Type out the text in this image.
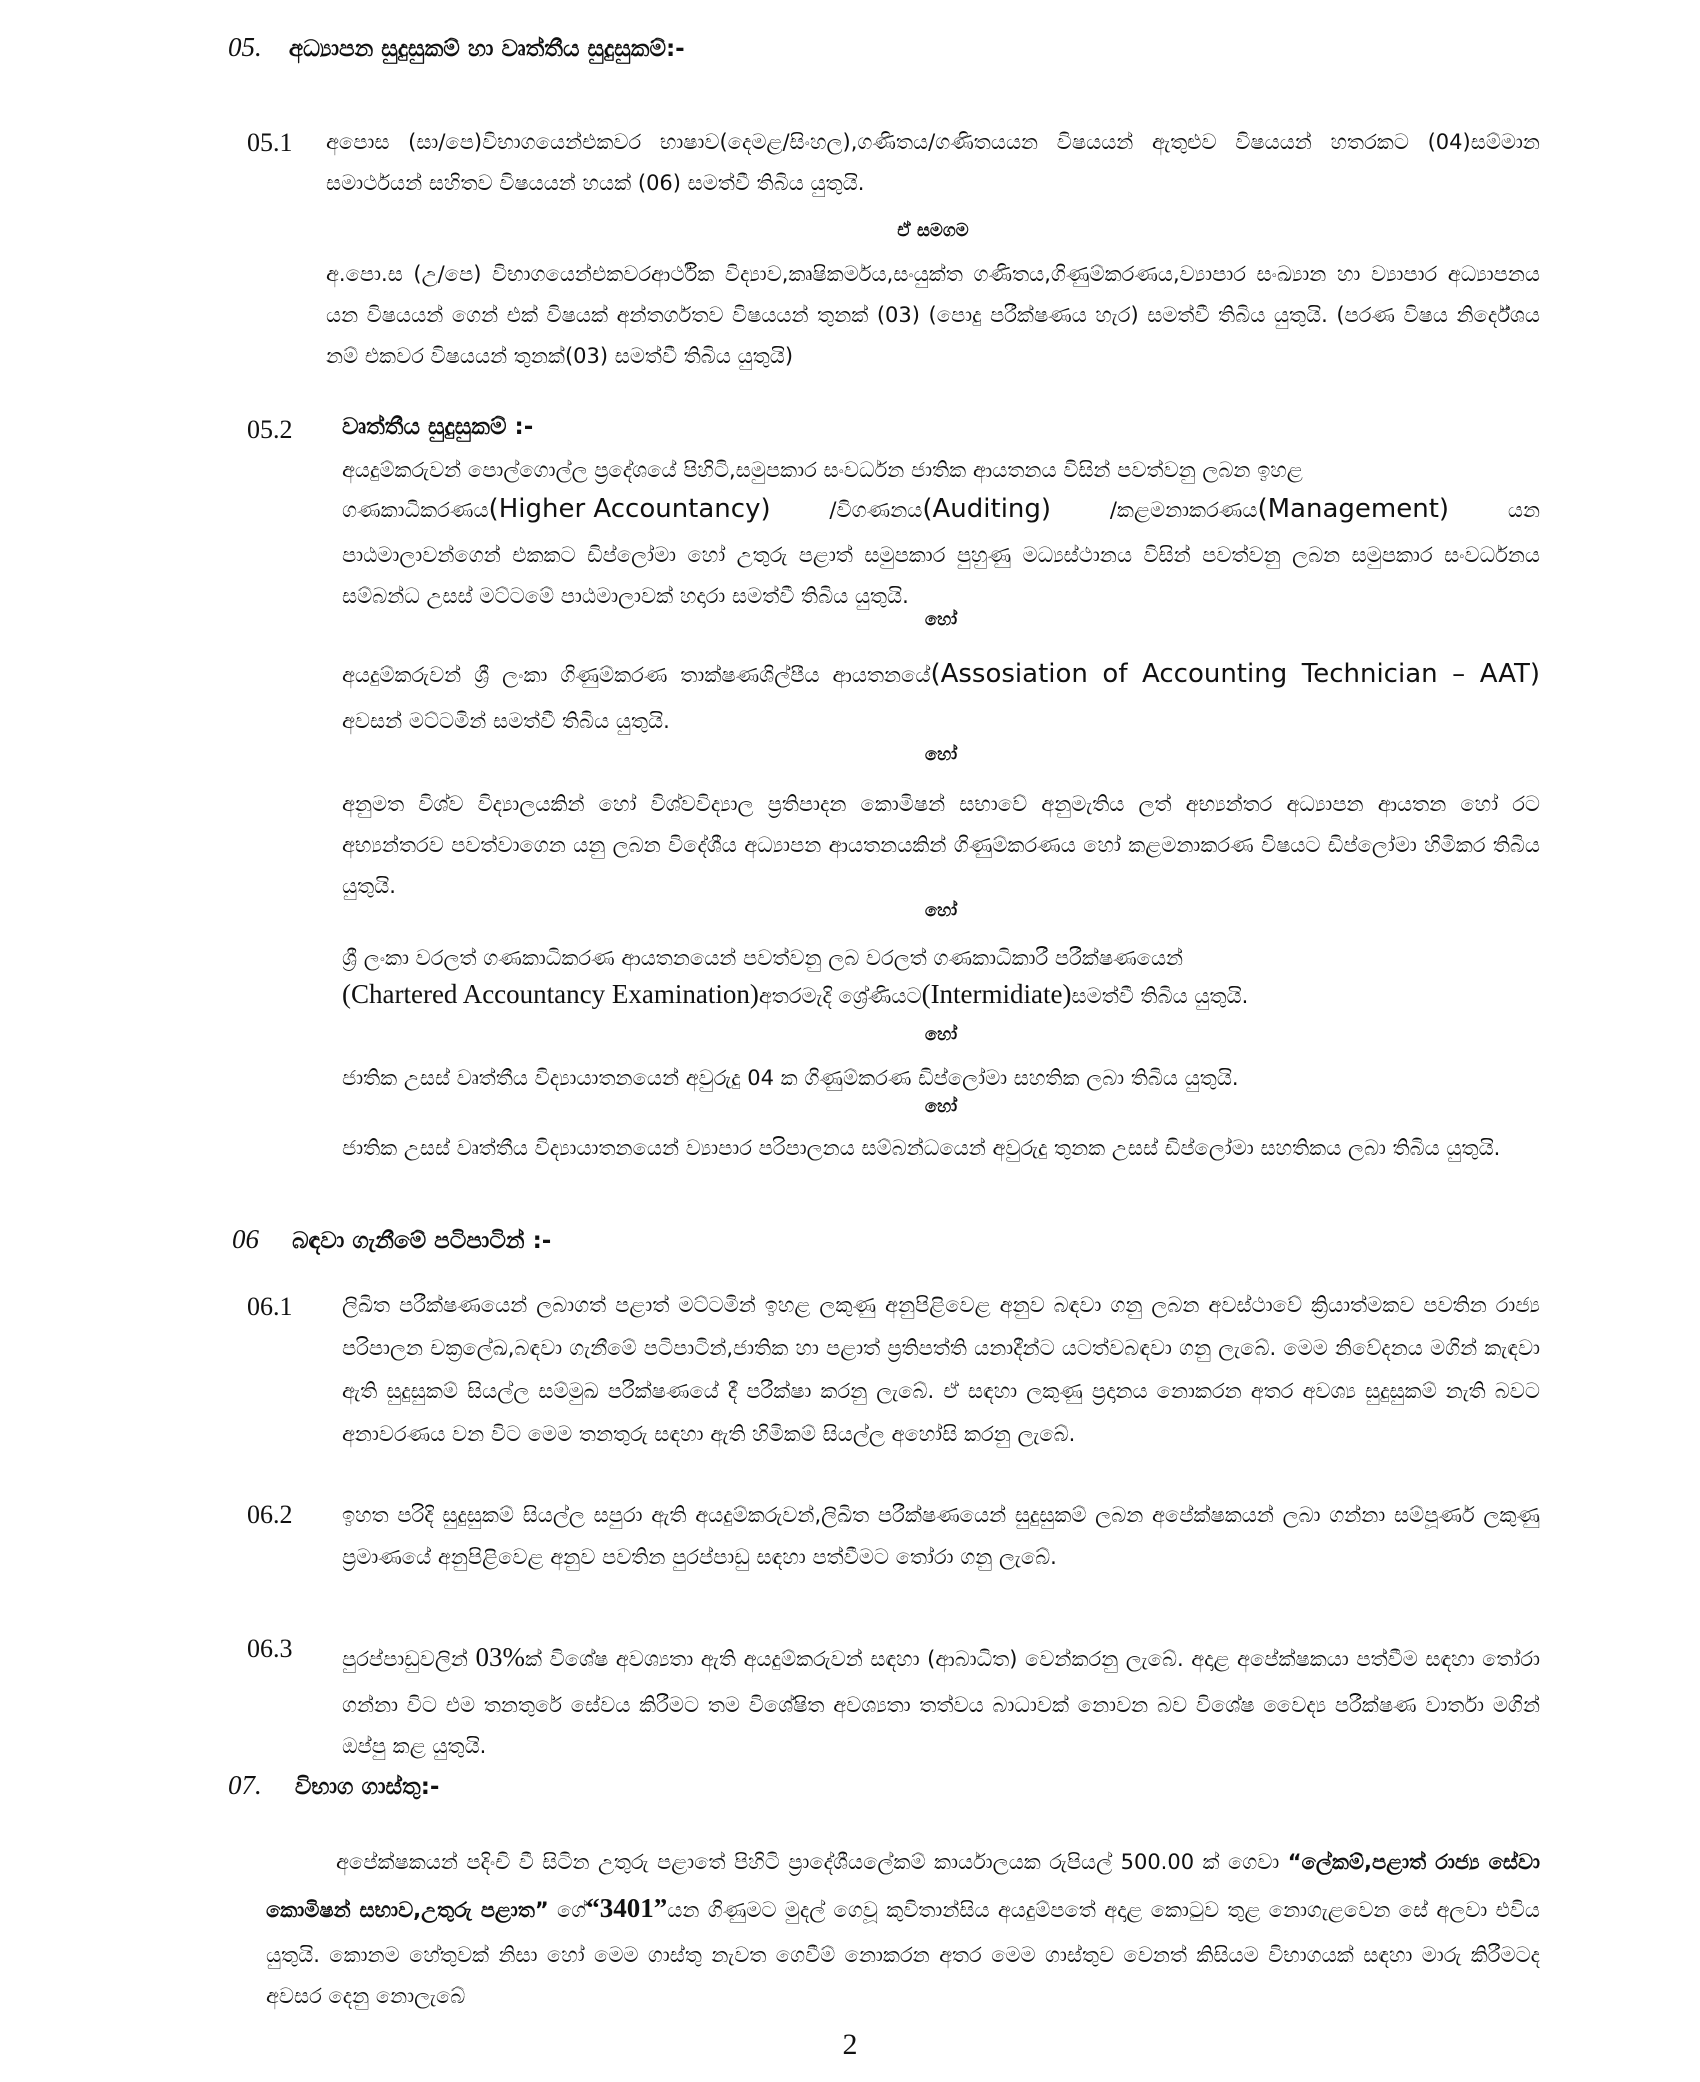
05. අධ්‍යාපන සුදුසුකම් හා වෘත්තීය සුදුසුකම්:-
05.1 අපොස (සා/පෙ)විභාගයෙන්එකවර භාෂාව(දෙමළ/සිංහල),ගණිතය/ගණිතයයන විෂයයන් ඇතුළුව විෂයයන් හතරකට (04)සම්මාන සමාර්ථයන් සහිතව විෂයයන් හයක් (06) සමත්වී තිබිය යුතුයි.

ඒ සමගම

අ.පො.ස (උ/පෙ) විභාගයෙන්එකවරආර්ථික විද්‍යාව,කෘෂිකර්මය,සංයුක්ත ගණිතය,ගිණුම්කරණය,ව්‍යාපාර සංඛ්‍යාන හා ව්‍යාපාර අධ්‍යාපනය යන විෂයයන් ගෙන් එක් විෂයක් අන්තර්ගතව විෂයයන් තුනක් (03) (පොදු පරීක්ෂණය හැර) සමත්වී තිබිය යුතුයි. (පරණ විෂය නිර්දේශය නම් එකවර විෂයයන් තුනක්(03) සමත්වී තිබිය යුතුයි)

05.2 වෘත්තීය සුදුසුකම් :-

අයදුම්කරුවන් පොල්ගොල්ල ප්‍රදේශයේ පිහිටි,සමුපකාර සංවර්ධන ජාතික ආයතනය විසින් පවත්වනු ලබන ඉහළ

ගණකාධිකරණය(Higher Accountancy)	/විගණනය(Auditing)	/කළමනාකරණය(Management)	යන

පාඨමාලාවන්ගෙන් එකකට ඩිප්ලෝමා හෝ උතුරු පළාත් සමුපකාර පුහුණු මධ්‍යස්ථානය විසින් පවත්වනු ලබන සමුපකාර සංවර්ධනය සම්බන්ධ උසස් මට්ටමේ පාඨමාලාවක් හදාරා සමත්වී තිබිය යුතුයි.

හෝ
අයදුම්කරුවන් ශ්‍රී ලංකා ගිණුම්කරණ තාක්ෂණශිල්පීය ආයතනයේ(Assosiation of Accounting Technician – AAT) අවසන් මට්ටමින් සමත්වී තිබිය යුතුයි.
හෝ

අනුමත විශ්ව විද්‍යාලයකින් හෝ විශ්වවිද්‍යාල ප්‍රතිපාදන කොමිෂන් සභාවේ අනුමැතිය ලත් අභ්‍යන්තර අධ්‍යාපන ආයතන හෝ රට අභ්‍යන්තරව පවත්වාගෙන යනු ලබන විදේශීය අධ්‍යාපන ආයතනයකින් ගිණුම්කරණය හෝ කළමනාකරණ විෂයට ඩිප්ලෝමා හිමිකර තිබිය යුතුයි.

හෝ

ශ්‍රී ලංකා වරලත් ගණකාධිකරණ ආයතනයෙන් පවත්වනු ලබ වරලත් ගණකාධිකාරී පරීක්ෂණයෙන්

(Chartered Accountancy Examination)අතරමැදි ශ්‍රේණියට(Intermidiate)සමත්වී තිබිය යුතුයි.
හෝ

ජාතික උසස් වෘත්තීය විද්‍යායාතනයෙන් අවුරුදු 04 ක ගිණුම්කරණ ඩිප්ලෝමා සහතික ලබා තිබිය යුතුයි.

හෝ

ජාතික උසස් වෘත්තීය විද්‍යායාතනයෙන් ව්‍යාපාර පරිපාලනය සම්බන්ධයෙන් අවුරුදු තුනක උසස් ඩිප්ලෝමා සහතිකය ලබා තිබිය යුතුයි.

06 බඳවා ගැනීමේ පටිපාටින් :-
06.1 ලිඛිත පරීක්ෂණයෙන් ලබාගත් පළාත් මට්ටමින් ඉහළ ලකුණු අනුපිළිවෙළ අනුව බඳවා ගනු ලබන අවස්ථාවේ ක්‍රියාත්මකව පවතින රාජ්‍ය පරිපාලන චක්‍රලේඛ,බඳවා ගැනීමේ පටිපාටින්,ජාතික හා පළාත් ප්‍රතිපත්ති යනාදීන්ට යටත්වබඳවා ගනු ලැබේ. මෙම නිවේදනය මගින් කැඳවා ඇති සුදුසුකම් සියල්ල සම්මුඛ පරීක්ෂණයේ දී පරීක්ෂා කරනු ලැබේ. ඒ සඳහා ලකුණු ප්‍රදානය නොකරන අතර අවශ්‍ය සුදුසුකම් නැති බවට අනාවරණය වන විට මෙම තනතුරු සඳහා ඇති හිමිකම් සියල්ල අහෝසි කරනු ලැබේ.

06.2 ඉහත පරිදි සුදුසුකම් සියල්ල සපුරා ඇති අයදුම්කරුවන්,ලිඛිත පරීක්ෂණයෙන් සුදුසුකම් ලබන අපේක්ෂකයන් ලබා ගන්නා සම්පූර්ණ ලකුණු ප්‍රමාණයේ අනුපිළිවෙළ අනුව පවතින පුරප්පාඩු සඳහා පත්වීමට තෝරා ගනු ලැබේ.

06.3 පුරප්පාඩුවලින් 03%ක් විශේෂ අවශ්‍යතා ඇති අයදුම්කරුවන් සඳහා (ආබාධිත) වෙන්කරනු ලැබේ. අදාළ අපේක්ෂකයා පත්වීම සඳහා තෝරා ගන්නා විට එම තනතුරේ සේවය කිරීමට තම විශේෂිත අවශ්‍යතා තත්වය බාධාවක් නොවන බව විශේෂ වෛද්‍ය පරීක්ෂණ වාර්තා මගින් ඔප්පු කළ යුතුයි.
07. විභාග ගාස්තු:-
අපේක්ෂකයන් පදිංචි වී සිටින උතුරු පළාතේ පිහිටි ප්‍රාදේශීයලේකම් කාර්යාලයක රුපියල් 500.00 ක් ගෙවා “ලේකම්,පළාත් රාජ්‍ය සේවා කොමිෂන් සභාව,උතුරු පළාත” ගේ“3401”යන ගිණුමට මුදල් ගෙවූ කුවිතාන්සිය අයදුම්පතේ අදාළ කොටුව තුළ නොගැළවෙන සේ අලවා එවිය යුතුයි. කොනම හේතුවක් නිසා හෝ මෙම ගාස්තු නැවත ගෙවීම් නොකරන අතර මෙම ගාස්තුව වෙනත් කිසියම විභාගයක් සඳහා මාරු කිරීමටද අවසර දෙනු නොලැබේ
2
